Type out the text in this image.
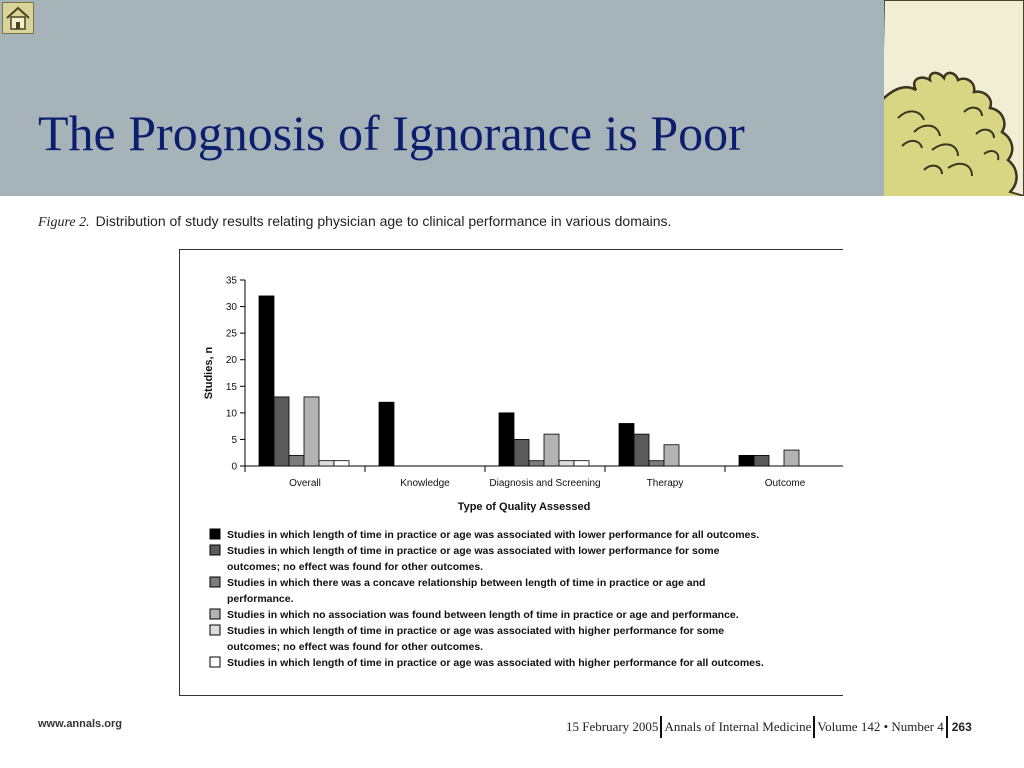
The Prognosis of Ignorance is Poor
Figure 2. Distribution of study results relating physician age to clinical performance in various domains.
0
5
10
15
20
25
30
35
Studies, n
Overall	Knowledge	Diagnosis and Screening	Therapy	Outcome
Type of Quality Assessed
Studies in which length of time in practice or age was associated with lower performance for all outcomes.
Studies in which length of time in practice or age was associated with lower performance for some outcomes; no effect was found for other outcomes.
Studies in which there was a concave relationship between length of time in practice or age and performance.
Studies in which no association was found between length of time in practice or age and performance.
Studies in which length of time in practice or age was associated with higher performance for some outcomes; no effect was found for other outcomes.
Studies in which length of time in practice or age was associated with higher performance for all outcomes.
www.annals.org	15 February 2005 Annals of Internal Medicine Volume 142 • Number 4 263
